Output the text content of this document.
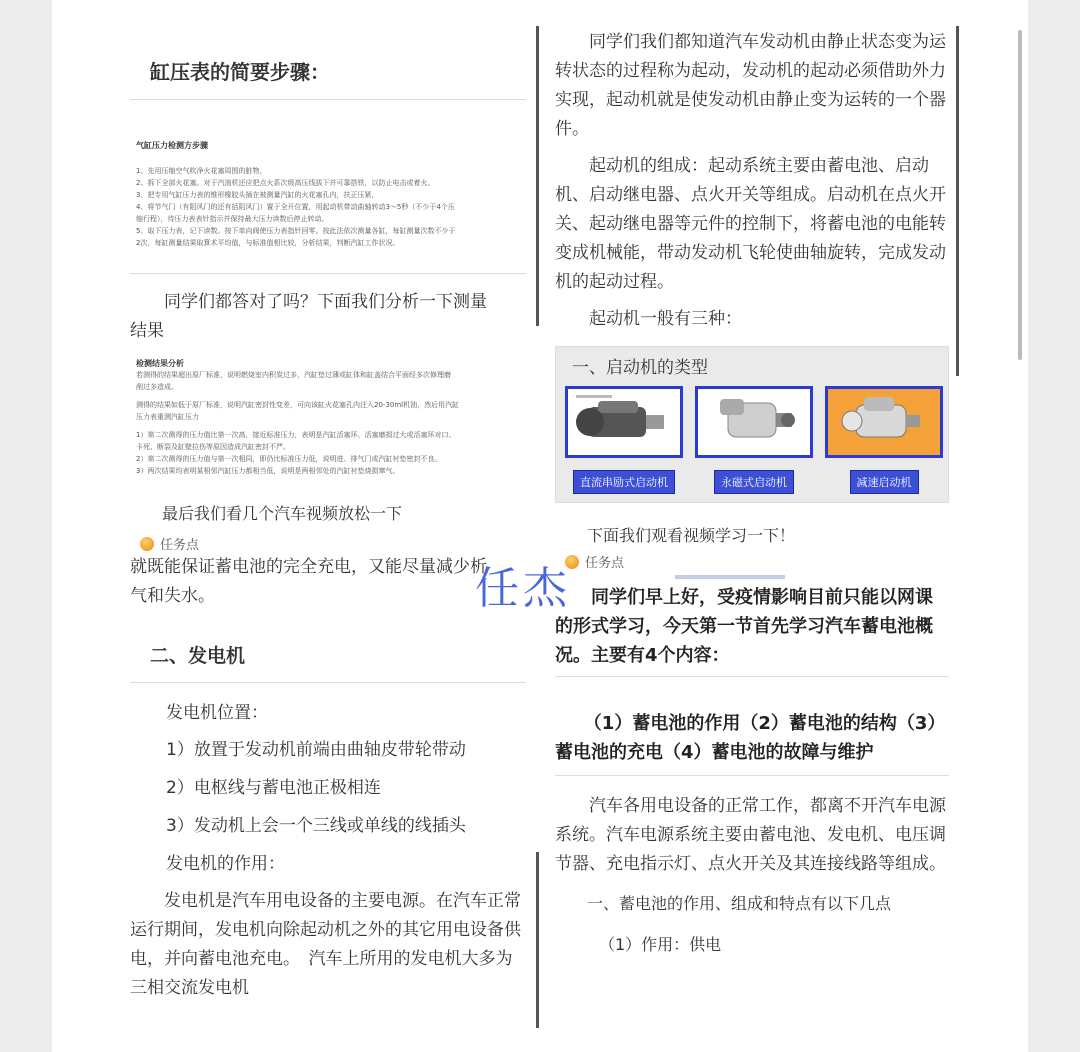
缸压表的简要步骤：

气缸压力检测方步骤

1、先用压缩空气吹净火花塞周围的脏物，

2、拆下全部火花塞。对于汽油机还应把点火系次级高压线拔下并可靠搭铁，以防止电击或着火。

3、把专用气缸压力表的锥形橡胶头插在被测量汽缸的火花塞孔内，扶正压紧，

4、将节气门（有阻风门的还有括阻风门）置于全开位置，用起动机带动曲轴转动3～5秒（不少于4个压

缩行程），待压力表表针指示并保持最大压力读数后停止转动。

5、取下压力表，记下读数。按下单向阀使压力表指针回零。按此法依次测量各缸，每缸测量次数不少于

2次，每缸测量结果取算术平均值，与标准值相比较，分析结果，判断汽缸工作状况。

同学们都答对了吗？下面我们分析一下测量

结果

检测结果分析

若测得的结果超出原厂标准，说明燃烧室内积炭过多，汽缸垫过薄或缸体和缸盖结合平面经多次修理磨

削过多造成。

测得的结果如低于原厂标准，说明汽缸密封性变差，可向该缸火花塞孔内注入20-30ml机油，然后用汽缸

压力表重测汽缸压力

1）第二次测得的压力值比第一次高，接近标准压力，表明是汽缸活塞环、活塞磨损过大或活塞环对口、

卡死、断裂及缸壁拉伤等原因造成汽缸密封不严。

2）第二次测得的压力值与第一次相同，即仍比标准压力低，说明进、排气门或汽缸衬垫密封不良。

3）两次结果均表明某相邻汽缸压力都相当低，说明是两相邻处的汽缸衬垫烧损窜气。

最后我们看几个汽车视频放松一下

任务点

就既能保证蓄电池的完全充电，又能尽量减少析

气和失水。

二、发电机

发电机位置：

1）放置于发动机前端由曲轴皮带轮带动

2）电枢线与蓄电池正极相连

3）发动机上会一个三线或单线的线插头

发电机的作用：

发电机是汽车用电设备的主要电源。在汽车正常运行期间，发电机向除起动机之外的其它用电设备供电，并向蓄电池充电。　汽车上所用的发电机大多为三相交流发电机

同学们我们都知道汽车发动机由静止状态变为运转状态的过程称为起动，发动机的起动必须借助外力实现，起动机就是使发动机由静止变为运转的一个器件。

起动机的组成：起动系统主要由蓄电池、启动机、启动继电器、点火开关等组成。启动机在点火开关、起动继电器等元件的控制下，将蓄电池的电能转变成机械能，带动发动机飞轮使曲轴旋转，完成发动机的起动过程。

起动机一般有三种：

一、启动机的类型

直流串励式启动机	永磁式启动机	减速启动机

下面我们观看视频学习一下！

任务点

同学们早上好，受疫情影响目前只能以网课的形式学习，今天第一节首先学习汽车蓄电池概况。主要有4个内容：

（1）蓄电池的作用（2）蓄电池的结构（3）蓄电池的充电（4）蓄电池的故障与维护

汽车各用电设备的正常工作，都离不开汽车电源系统。汽车电源系统主要由蓄电池、发电机、电压调节器、充电指示灯、点火开关及其连接线路等组成。

一、蓄电池的作用、组成和特点有以下几点

（1）作用：供电

任杰
